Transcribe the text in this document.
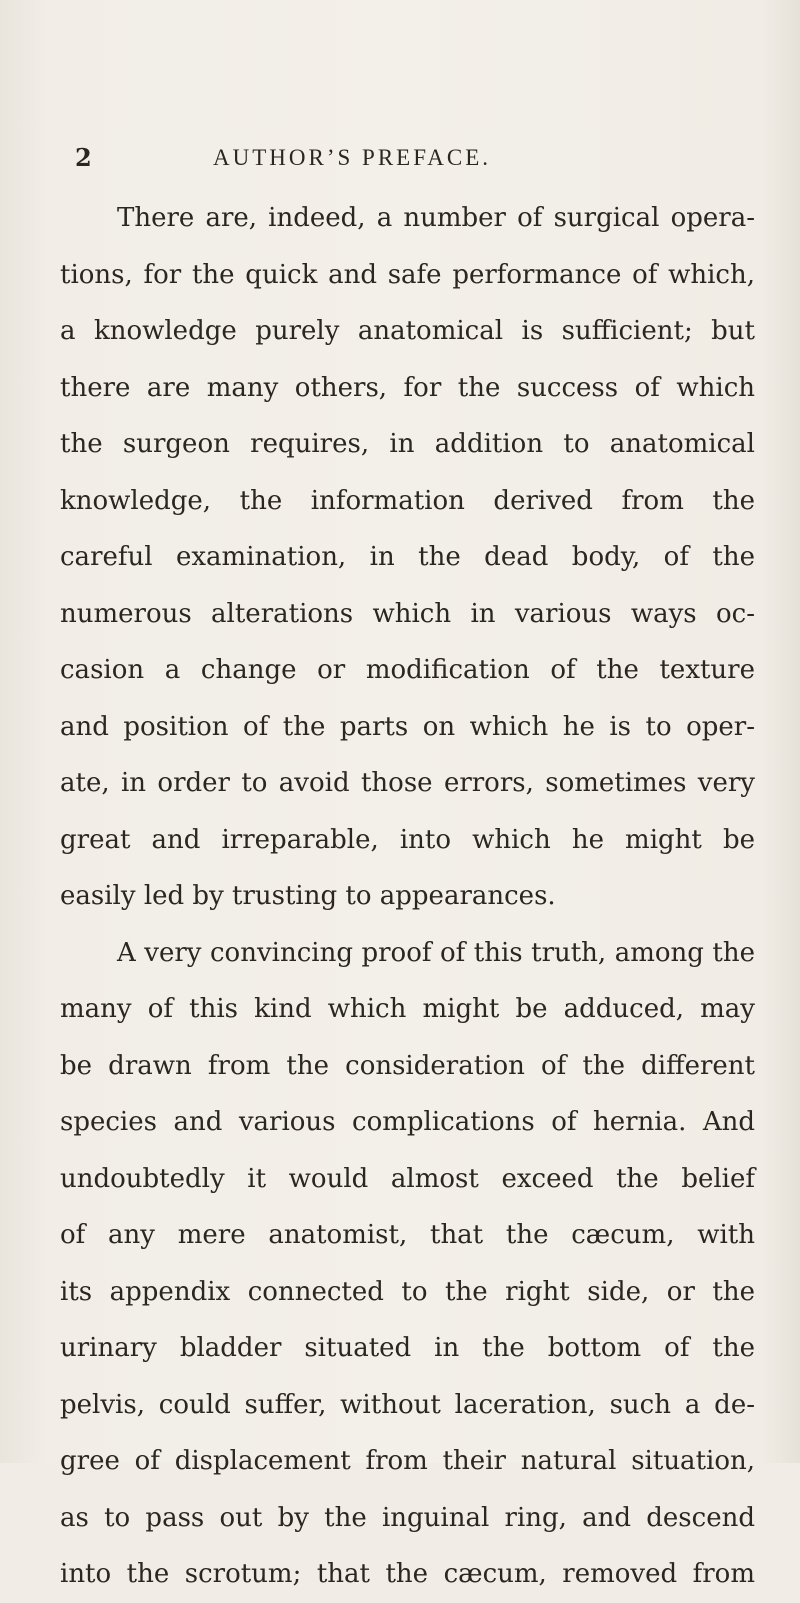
2	AUTHOR’S PREFACE.
There are, indeed, a number of surgical opera-
tions, for the quick and safe performance of which,
a knowledge purely anatomical is sufficient; but
there are many others, for the success of which
the surgeon requires, in addition to anatomical
knowledge, the information derived from the
careful examination, in the dead body, of the
numerous alterations which in various ways oc-
casion a change or modification of the texture
and position of the parts on which he is to oper-
ate, in order to avoid those errors, sometimes very
great and irreparable, into which he might be
easily led by trusting to appearances.
A very convincing proof of this truth, among the
many of this kind which might be adduced, may
be drawn from the consideration of the different
species and various complications of hernia. And
undoubtedly it would almost exceed the belief
of any mere anatomist, that the cæcum, with
its appendix connected to the right side, or the
urinary bladder situated in the bottom of the
pelvis, could suffer, without laceration, such a de-
gree of displacement from their natural situation,
as to pass out by the inguinal ring, and descend
into the scrotum; that the cæcum, removed from
